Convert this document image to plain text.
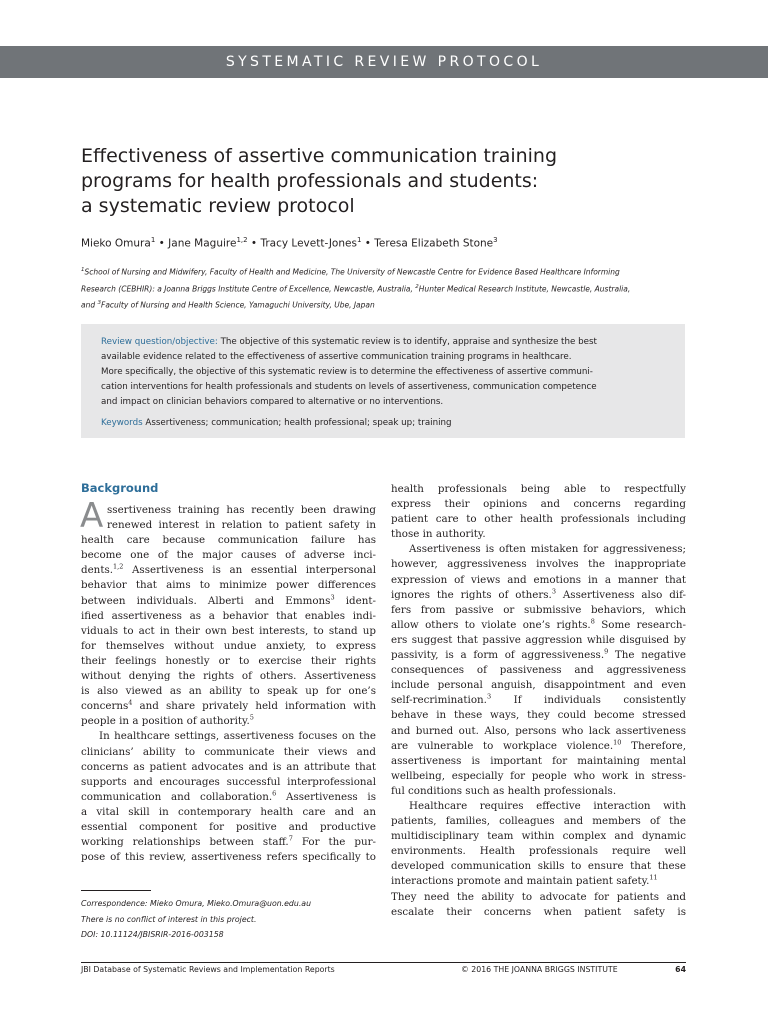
SYSTEMATIC REVIEW PROTOCOL
Effectiveness of assertive communication training
programs for health professionals and students:
a systematic review protocol
Mieko Omura$^1$ • Jane Maguire$^{1,2}$ • Tracy Levett-Jones$^1$ • Teresa Elizabeth Stone$^3$
$^1$School of Nursing and Midwifery, Faculty of Health and Medicine, The University of Newcastle Centre for Evidence Based Healthcare Informing
Research (CEBHIR): a Joanna Briggs Institute Centre of Excellence, Newcastle, Australia, $^2$Hunter Medical Research Institute, Newcastle, Australia,
and $^3$Faculty of Nursing and Health Science, Yamaguchi University, Ube, Japan
Review question/objective: The objective of this systematic review is to identify, appraise and synthesize the best
available evidence related to the effectiveness of assertive communication training programs in healthcare.
More specifically, the objective of this systematic review is to determine the effectiveness of assertive communi-
cation interventions for health professionals and students on levels of assertiveness, communication competence
and impact on clinician behaviors compared to alternative or no interventions.
Keywords Assertiveness; communication; health professional; speak up; training
Background
A ssertiveness training has recently been drawing
renewed interest in relation to patient safety in
health care because communication failure has
become one of the major causes of adverse inci-
dents.$^{1,2}$ Assertiveness is an essential interpersonal
behavior that aims to minimize power differences
between individuals. Alberti and Emmons$^3$ ident-
ified assertiveness as a behavior that enables indi-
viduals to act in their own best interests, to stand up
for themselves without undue anxiety, to express
their feelings honestly or to exercise their rights
without denying the rights of others. Assertiveness
is also viewed as an ability to speak up for one’s
concerns$^4$ and share privately held information with
people in a position of authority.$^5$
In healthcare settings, assertiveness focuses on the
clinicians’ ability to communicate their views and
concerns as patient advocates and is an attribute that
supports and encourages successful interprofessional
communication and collaboration.$^6$ Assertiveness is
a vital skill in contemporary health care and an
essential component for positive and productive
working relationships between staff.$^7$ For the pur-
pose of this review, assertiveness refers specifically to
health professionals being able to respectfully
express their opinions and concerns regarding
patient care to other health professionals including
those in authority.
Assertiveness is often mistaken for aggressiveness;
however, aggressiveness involves the inappropriate
expression of views and emotions in a manner that
ignores the rights of others.$^3$ Assertiveness also dif-
fers from passive or submissive behaviors, which
allow others to violate one’s rights.$^8$ Some research-
ers suggest that passive aggression while disguised by
passivity, is a form of aggressiveness.$^9$ The negative
consequences of passiveness and aggressiveness
include personal anguish, disappointment and even
self-recrimination.$^3$ If individuals consistently
behave in these ways, they could become stressed
and burned out. Also, persons who lack assertiveness
are vulnerable to workplace violence.$^{10}$ Therefore,
assertiveness is important for maintaining mental
wellbeing, especially for people who work in stress-
ful conditions such as health professionals.
Healthcare requires effective interaction with
patients, families, colleagues and members of the
multidisciplinary team within complex and dynamic
environments. Health professionals require well
developed communication skills to ensure that these
interactions promote and maintain patient safety.$^{11}$
They need the ability to advocate for patients and
escalate their concerns when patient safety is
Correspondence: Mieko Omura, Mieko.Omura@uon.edu.au
There is no conflict of interest in this project.
DOI: 10.11124/JBISRIR-2016-003158
JBI Database of Systematic Reviews and Implementation Reports	© 2016 THE JOANNA BRIGGS INSTITUTE	64
